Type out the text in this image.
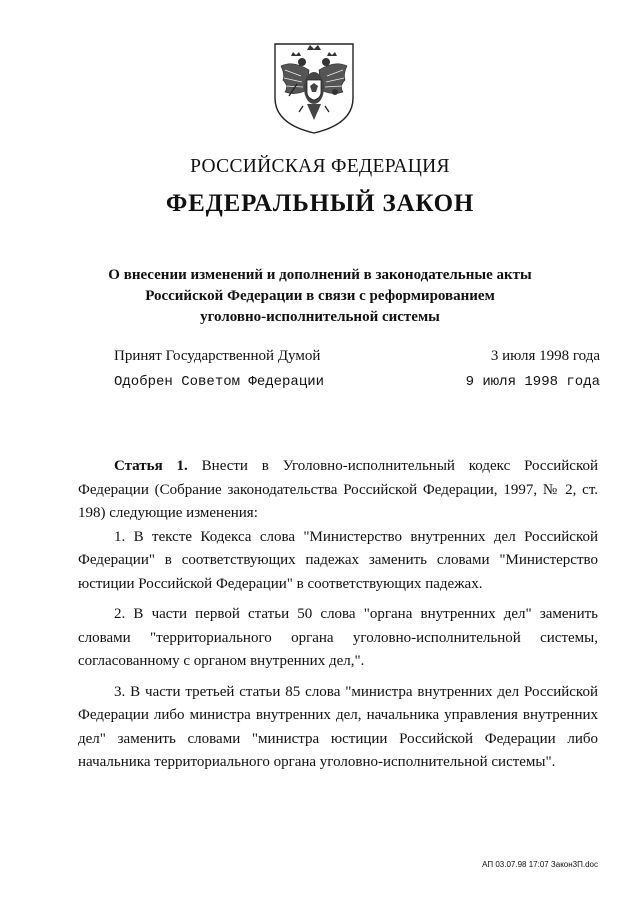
РОССИЙСКАЯ ФЕДЕРАЦИЯ
ФЕДЕРАЛЬНЫЙ ЗАКОН
О внесении изменений и дополнений в законодательные акты
Российской Федерации в связи с реформированием
уголовно-исполнительной системы
Принят Государственной Думой	3 июля 1998 года
Одобрен Советом Федерации	9 июля 1998 года

Статья 1. Внести в Уголовно-исполнительный кодекс Российской Федерации (Собрание законодательства Российской Федерации, 1997, № 2, ст. 198) следующие изменения:

1. В тексте Кодекса слова "Министерство внутренних дел Российской Федерации" в соответствующих падежах заменить словами "Министерство юстиции Российской Федерации" в соответствующих падежах.

2. В части первой статьи 50 слова "органа внутренних дел" заменить словами "территориального органа уголовно-исполнительной системы, согласованному с органом внутренних дел,".

3. В части третьей статьи 85 слова "министра внутренних дел Российской Федерации либо министра внутренних дел, начальника управления внутренних дел" заменить словами "министра юстиции Российской Федерации либо начальника территориального органа уголовно-исполнительной системы".

АП 03.07.98 17:07 Закон3П.doc
